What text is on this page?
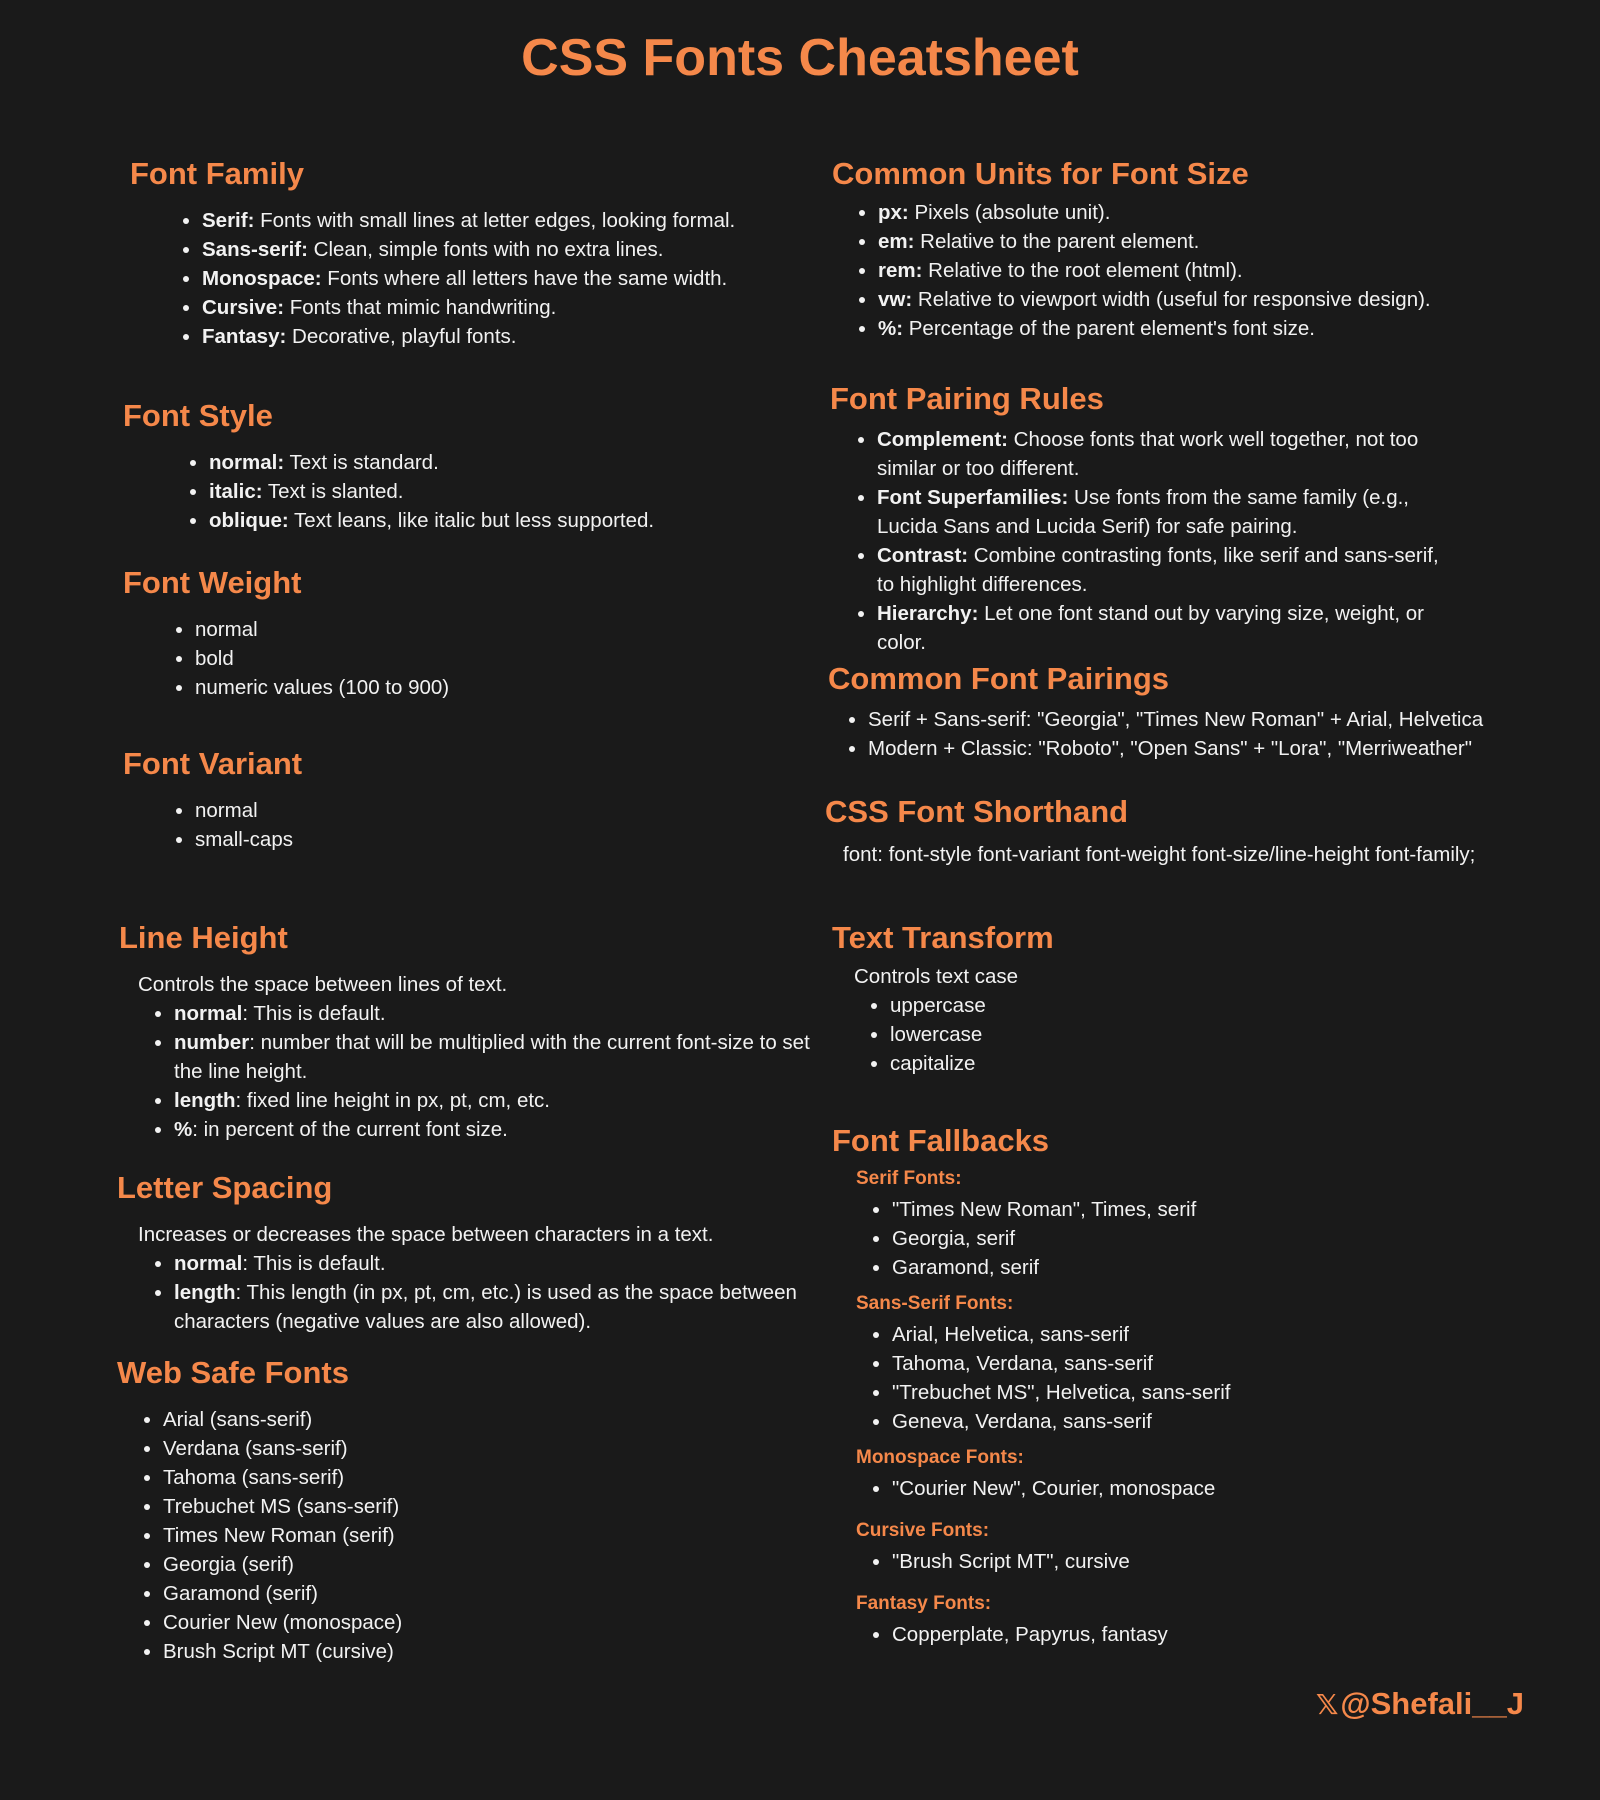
CSS Fonts Cheatsheet
Font Family
Serif: Fonts with small lines at letter edges, looking formal.
Sans-serif: Clean, simple fonts with no extra lines.
Monospace: Fonts where all letters have the same width.
Cursive: Fonts that mimic handwriting.
Fantasy: Decorative, playful fonts.
Font Style
normal: Text is standard.
italic: Text is slanted.
oblique: Text leans, like italic but less supported.
Font Weight
normal
bold
numeric values (100 to 900)
Font Variant
normal
small-caps
Line Height

Controls the space between lines of text.

normal: This is default.
number: number that will be multiplied with the current font-size to set the line height.
length: fixed line height in px, pt, cm, etc.
%: in percent of the current font size.
Letter Spacing

Increases or decreases the space between characters in a text.

normal: This is default.
length: This length (in px, pt, cm, etc.) is used as the space between characters (negative values are also allowed).
Web Safe Fonts
Arial (sans-serif)
Verdana (sans-serif)
Tahoma (sans-serif)
Trebuchet MS (sans-serif)
Times New Roman (serif)
Georgia (serif)
Garamond (serif)
Courier New (monospace)
Brush Script MT (cursive)
Common Units for Font Size
px: Pixels (absolute unit).
em: Relative to the parent element.
rem: Relative to the root element (html).
vw: Relative to viewport width (useful for responsive design).
%: Percentage of the parent element's font size.
Font Pairing Rules
Complement: Choose fonts that work well together, not too similar or too different.
Font Superfamilies: Use fonts from the same family (e.g., Lucida Sans and Lucida Serif) for safe pairing.
Contrast: Combine contrasting fonts, like serif and sans-serif, to highlight differences.
Hierarchy: Let one font stand out by varying size, weight, or color.
Common Font Pairings
Serif + Sans-serif: "Georgia", "Times New Roman" + Arial, Helvetica
Modern + Classic: "Roboto", "Open Sans" + "Lora", "Merriweather"
CSS Font Shorthand

font: font-style font-variant font-weight font-size/line-height font-family;

Text Transform

Controls text case

uppercase
lowercase
capitalize
Font Fallbacks
Serif Fonts:
"Times New Roman", Times, serif
Georgia, serif
Garamond, serif
Sans-Serif Fonts:
Arial, Helvetica, sans-serif
Tahoma, Verdana, sans-serif
"Trebuchet MS", Helvetica, sans-serif
Geneva, Verdana, sans-serif
Monospace Fonts:
"Courier New", Courier, monospace
Cursive Fonts:
"Brush Script MT", cursive
Fantasy Fonts:
Copperplate, Papyrus, fantasy
𝕏@Shefali__J
